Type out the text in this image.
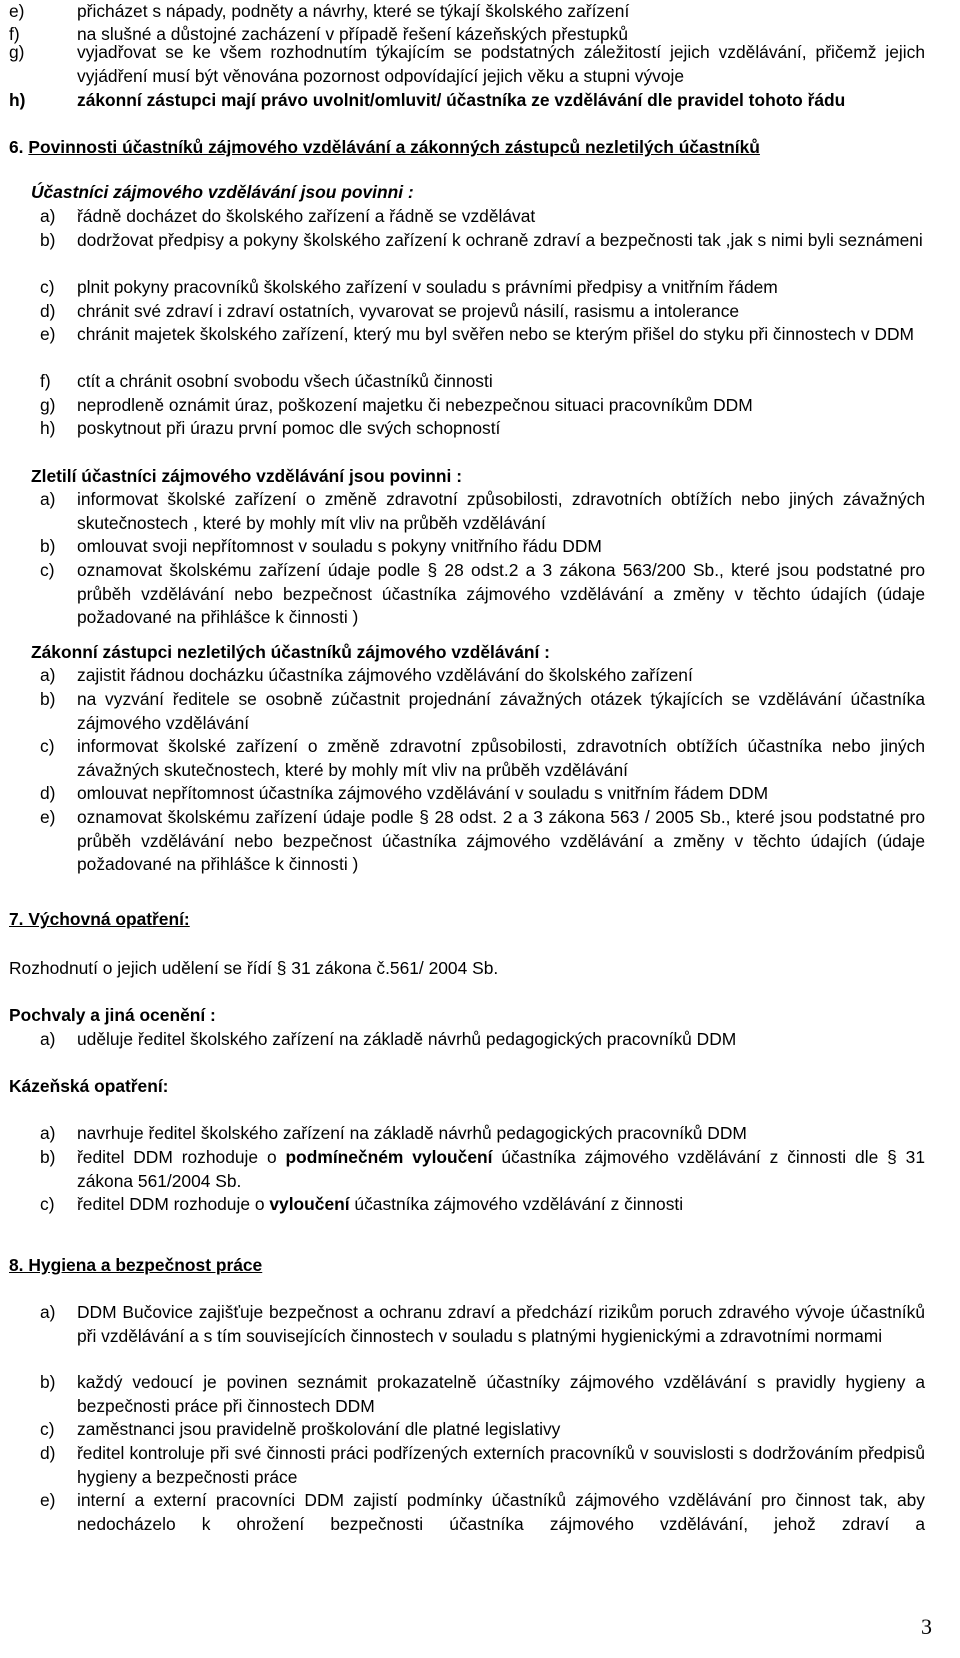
e)	přicházet s nápady, podněty a návrhy, které se týkají školského zařízení
f)	na slušné a důstojné zacházení v případě řešení kázeňských přestupků
g)	vyjadřovat se ke všem rozhodnutím týkajícím se podstatných záležitostí jejich vzdělávání, přičemž jejich vyjádření musí být věnována pozornost odpovídající jejich věku a stupni vývoje
h)	zákonní zástupci mají právo uvolnit/omluvit/ účastníka ze vzdělávání dle pravidel tohoto řádu
6. Povinnosti účastníků zájmového vzdělávání a zákonných zástupců nezletilých účastníků
Účastníci zájmového vzdělávání jsou povinni :
a) řádně docházet do školského zařízení a řádně se vzdělávat
b) dodržovat předpisy a pokyny školského zařízení k ochraně zdraví a bezpečnosti tak ,jak s nimi byli seznámeni
c) plnit pokyny pracovníků školského zařízení v souladu s právními předpisy a vnitřním řádem
d) chránit své zdraví i zdraví ostatních, vyvarovat se projevů násilí, rasismu a intolerance
e) chránit majetek školského zařízení, který mu byl svěřen nebo se kterým přišel do styku při činnostech v DDM
f) ctít a chránit osobní svobodu všech účastníků činnosti
g) neprodleně oznámit úraz, poškození majetku či nebezpečnou situaci pracovníkům DDM
h) poskytnout při úrazu první pomoc dle svých schopností
Zletilí účastníci zájmového vzdělávání jsou povinni :
a) informovat školské zařízení o změně zdravotní způsobilosti, zdravotních obtížích nebo jiných závažných skutečnostech , které by mohly mít vliv na průběh vzdělávání
b) omlouvat svoji nepřítomnost v souladu s pokyny vnitřního řádu DDM
c) oznamovat školskému zařízení údaje podle § 28 odst.2 a 3 zákona 563/200 Sb., které jsou podstatné pro průběh vzdělávání nebo bezpečnost účastníka zájmového vzdělávání a změny v těchto údajích (údaje požadované na přihlášce k činnosti )
Zákonní zástupci nezletilých účastníků zájmového vzdělávání :
a) zajistit řádnou docházku účastníka zájmového vzdělávání do školského zařízení
b) na vyzvání ředitele se osobně zúčastnit projednání závažných otázek týkajících se vzdělávání účastníka zájmového vzdělávání
c) informovat školské zařízení o změně zdravotní způsobilosti, zdravotních obtížích účastníka nebo jiných závažných skutečnostech, které by mohly mít vliv na průběh vzdělávání
d) omlouvat nepřítomnost účastníka zájmového vzdělávání v souladu s vnitřním řádem DDM
e) oznamovat školskému zařízení údaje podle § 28 odst. 2 a 3 zákona 563 / 2005 Sb., které jsou podstatné pro průběh vzdělávání nebo bezpečnost účastníka zájmového vzdělávání a změny v těchto údajích (údaje požadované na přihlášce k činnosti )
7. Výchovná opatření:
Rozhodnutí o jejich udělení se řídí § 31 zákona č.561/ 2004 Sb.
Pochvaly a jiná ocenění :
a) uděluje ředitel školského zařízení na základě návrhů pedagogických pracovníků DDM
Kázeňská opatření:
a) navrhuje ředitel školského zařízení na základě návrhů pedagogických pracovníků DDM
b) ředitel DDM rozhoduje o podmínečném vyloučení účastníka zájmového vzdělávání z činnosti dle § 31 zákona 561/2004 Sb.
c) ředitel DDM rozhoduje o vyloučení účastníka zájmového vzdělávání z činnosti
8. Hygiena a bezpečnost práce
a) DDM Bučovice zajišťuje bezpečnost a ochranu zdraví a předchází rizikům poruch zdravého vývoje účastníků při vzdělávání a s tím souvisejících činnostech v souladu s platnými hygienickými a zdravotními normami
b) každý vedoucí je povinen seznámit prokazatelně účastníky zájmového vzdělávání s pravidly hygieny a bezpečnosti práce při činnostech DDM
c) zaměstnanci jsou pravidelně proškolování dle platné legislativy
d) ředitel kontroluje při své činnosti práci podřízených externích pracovníků v souvislosti s dodržováním předpisů hygieny a bezpečnosti práce
e) interní a externí pracovníci DDM zajistí podmínky účastníků zájmového vzdělávání pro činnost tak, aby nedocházelo k ohrožení bezpečnosti účastníka zájmového vzdělávání, jehož zdraví a
3
